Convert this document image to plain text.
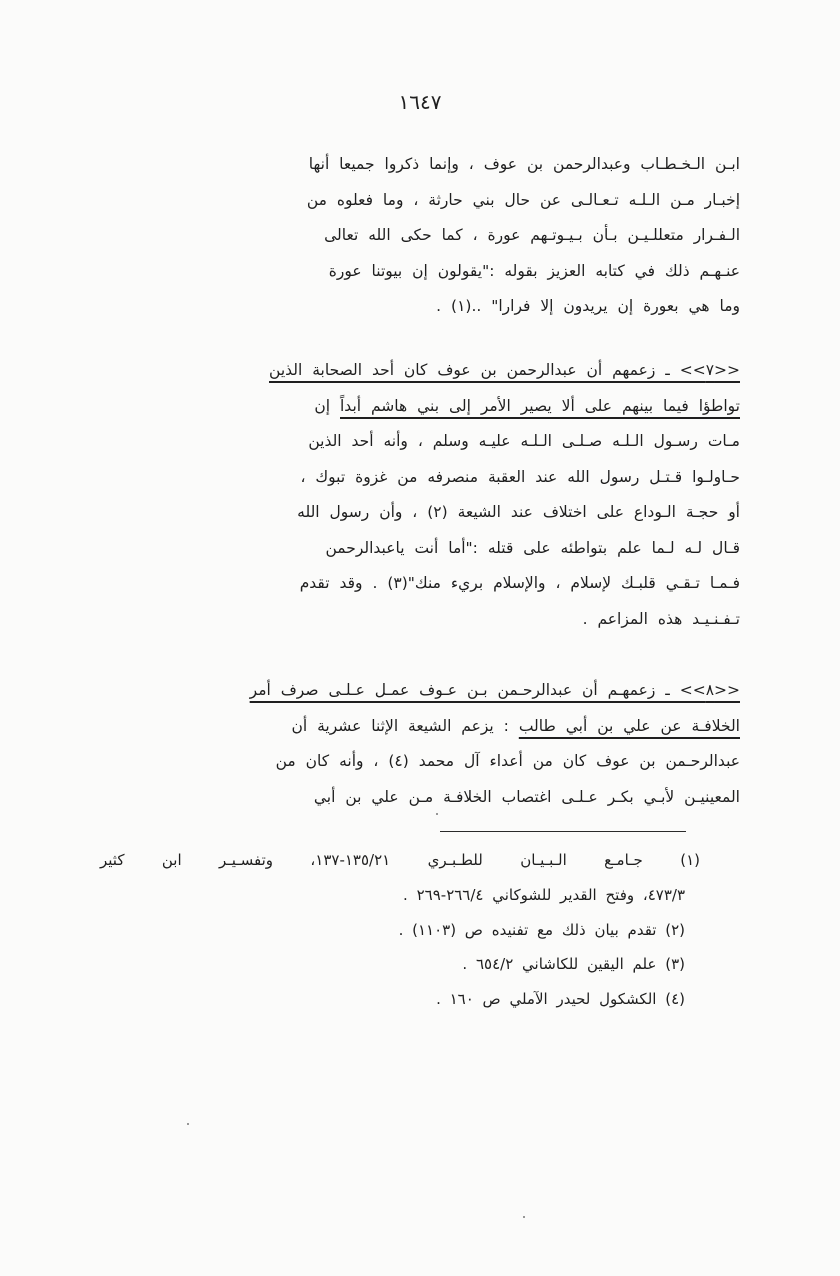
١٦٤٧
ابـن الـخـطـاب وعبدالرحمن بن عوف ، وإنما ذكروا جميعا أنها
إخبـار مـن الـلـه تـعـالـى عن حال بني حارثة ، وما فعلوه من
الـفـرار متعللـيـن بـأن بـيـوتـهم عورة ، كما حكى الله تعالى
عنـهـم ذلك في كتابه العزيز بقوله :"يقولون إن بيوتنا عورة
وما هي بعورة إن يريدون إلا فرارا" ..(١) .
<<٧>> ـ زعمهم أن عبدالرحمن بن عوف كان أحد الصحابة الذين
تواطؤا فيما بينهم على ألا يصير الأمر إلى بني هاشم أبداً إن
مـات رسـول الـلـه صـلـى الـلـه عليـه وسلم ، وأنه أحد الذين
حـاولـوا قـتـل رسول الله عند العقبة منصرفه من غزوة تبوك ،
أو حجـة الـوداع على اختلاف عند الشيعة (٢) ، وأن رسول الله
قـال لـه لـما علم بتواطئه على قتله :"أما أنت ياعبدالرحمن
فـمـا تـقـي قلبـك لإسلام ، والإسلام بريء منك"(٣) . وقد تقدم
تـفـنـيـد هذه المزاعم .
<<٨>> ـ زعمهـم أن عبدالرحـمن بـن عـوف عمـل عـلـى صرف أمر
الخلافـة عن علي بن أبي طالب : يزعم الشيعة الإثنا عشرية أن
عبدالرحـمن بن عوف كان من أعداء آل محمد (٤) ، وأنه كان من
المعينيـن لأبـي بكـر عـلـى اغتصاب الخلافـة مـن علي بن أبي
(١) جـامـع الـبـيـان للطـبـري ١٣٥/٢١-١٣٧، وتفسـيـر ابن كثير
٤٧٣/٣، وفتح القدير للشوكاني ٢٦٦/٤-٢٦٩ .
(٢) تقدم بيان ذلك مع تفنيده ص (١١٠٣) .
(٣) علم اليقين للكاشاني ٦٥٤/٢ .
(٤) الكشكول لحيدر الآملي ص ١٦٠ .
